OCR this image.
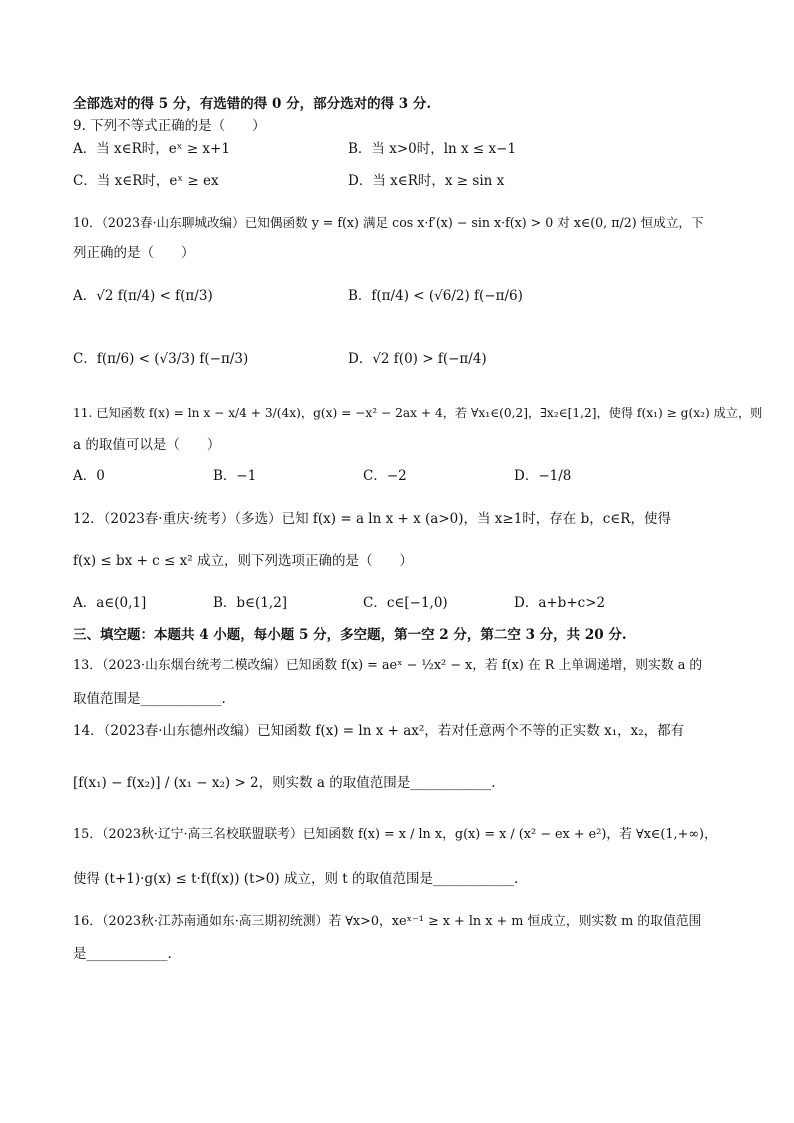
全部选对的得 5 分，有选错的得 0 分，部分选对的得 3 分.
9. 下列不等式正确的是（　　）
A．当 x∈R时，eˣ ≥ x+1	B．当 x>0时，ln x ≤ x−1
C．当 x∈R时，eˣ ≥ ex	D．当 x∈R时，x ≥ sin x
10．（2023春·山东聊城改编）已知偶函数 y = f(x) 满足 cos x·f′(x) − sin x·f(x) > 0 对 x∈(0, π/2) 恒成立，下
列正确的是（　　）
A．√2 f(π/4) < f(π/3)	B．f(π/4) < (√6/2) f(−π/6)
C．f(π/6) < (√3/3) f(−π/3)	D．√2 f(0) > f(−π/4)
11. 已知函数 f(x) = ln x − x/4 + 3/(4x)，g(x) = −x² − 2ax + 4，若 ∀x₁∈(0,2]，∃x₂∈[1,2]，使得 f(x₁) ≥ g(x₂) 成立，则
a 的取值可以是（　　）
A．0	B．−1	C．−2	D．−1/8
12．（2023春·重庆·统考）（多选）已知 f(x) = a ln x + x (a>0)，当 x≥1时，存在 b，c∈R，使得
f(x) ≤ bx + c ≤ x² 成立，则下列选项正确的是（　　）
A．a∈(0,1]	B．b∈(1,2]	C．c∈[−1,0)	D．a+b+c>2
三、填空题：本题共 4 小题，每小题 5 分，多空题，第一空 2 分，第二空 3 分，共 20 分.
13．（2023·山东烟台统考二模改编）已知函数 f(x) = aeˣ − ½x² − x，若 f(x) 在 R 上单调递增，则实数 a 的
取值范围是____________.
14．（2023春·山东德州改编）已知函数 f(x) = ln x + ax²，若对任意两个不等的正实数 x₁，x₂，都有
[f(x₁) − f(x₂)] / (x₁ − x₂) > 2，则实数 a 的取值范围是____________.
15．（2023秋·辽宁·高三名校联盟联考）已知函数 f(x) = x / ln x，g(x) = x / (x² − ex + e²)，若 ∀x∈(1,+∞)，
使得 (t+1)·g(x) ≤ t·f(f(x)) (t>0) 成立，则 t 的取值范围是____________.
16．（2023秋·江苏南通如东·高三期初统测）若 ∀x>0，xeˣ⁻¹ ≥ x + ln x + m 恒成立，则实数 m 的取值范围
是____________.
